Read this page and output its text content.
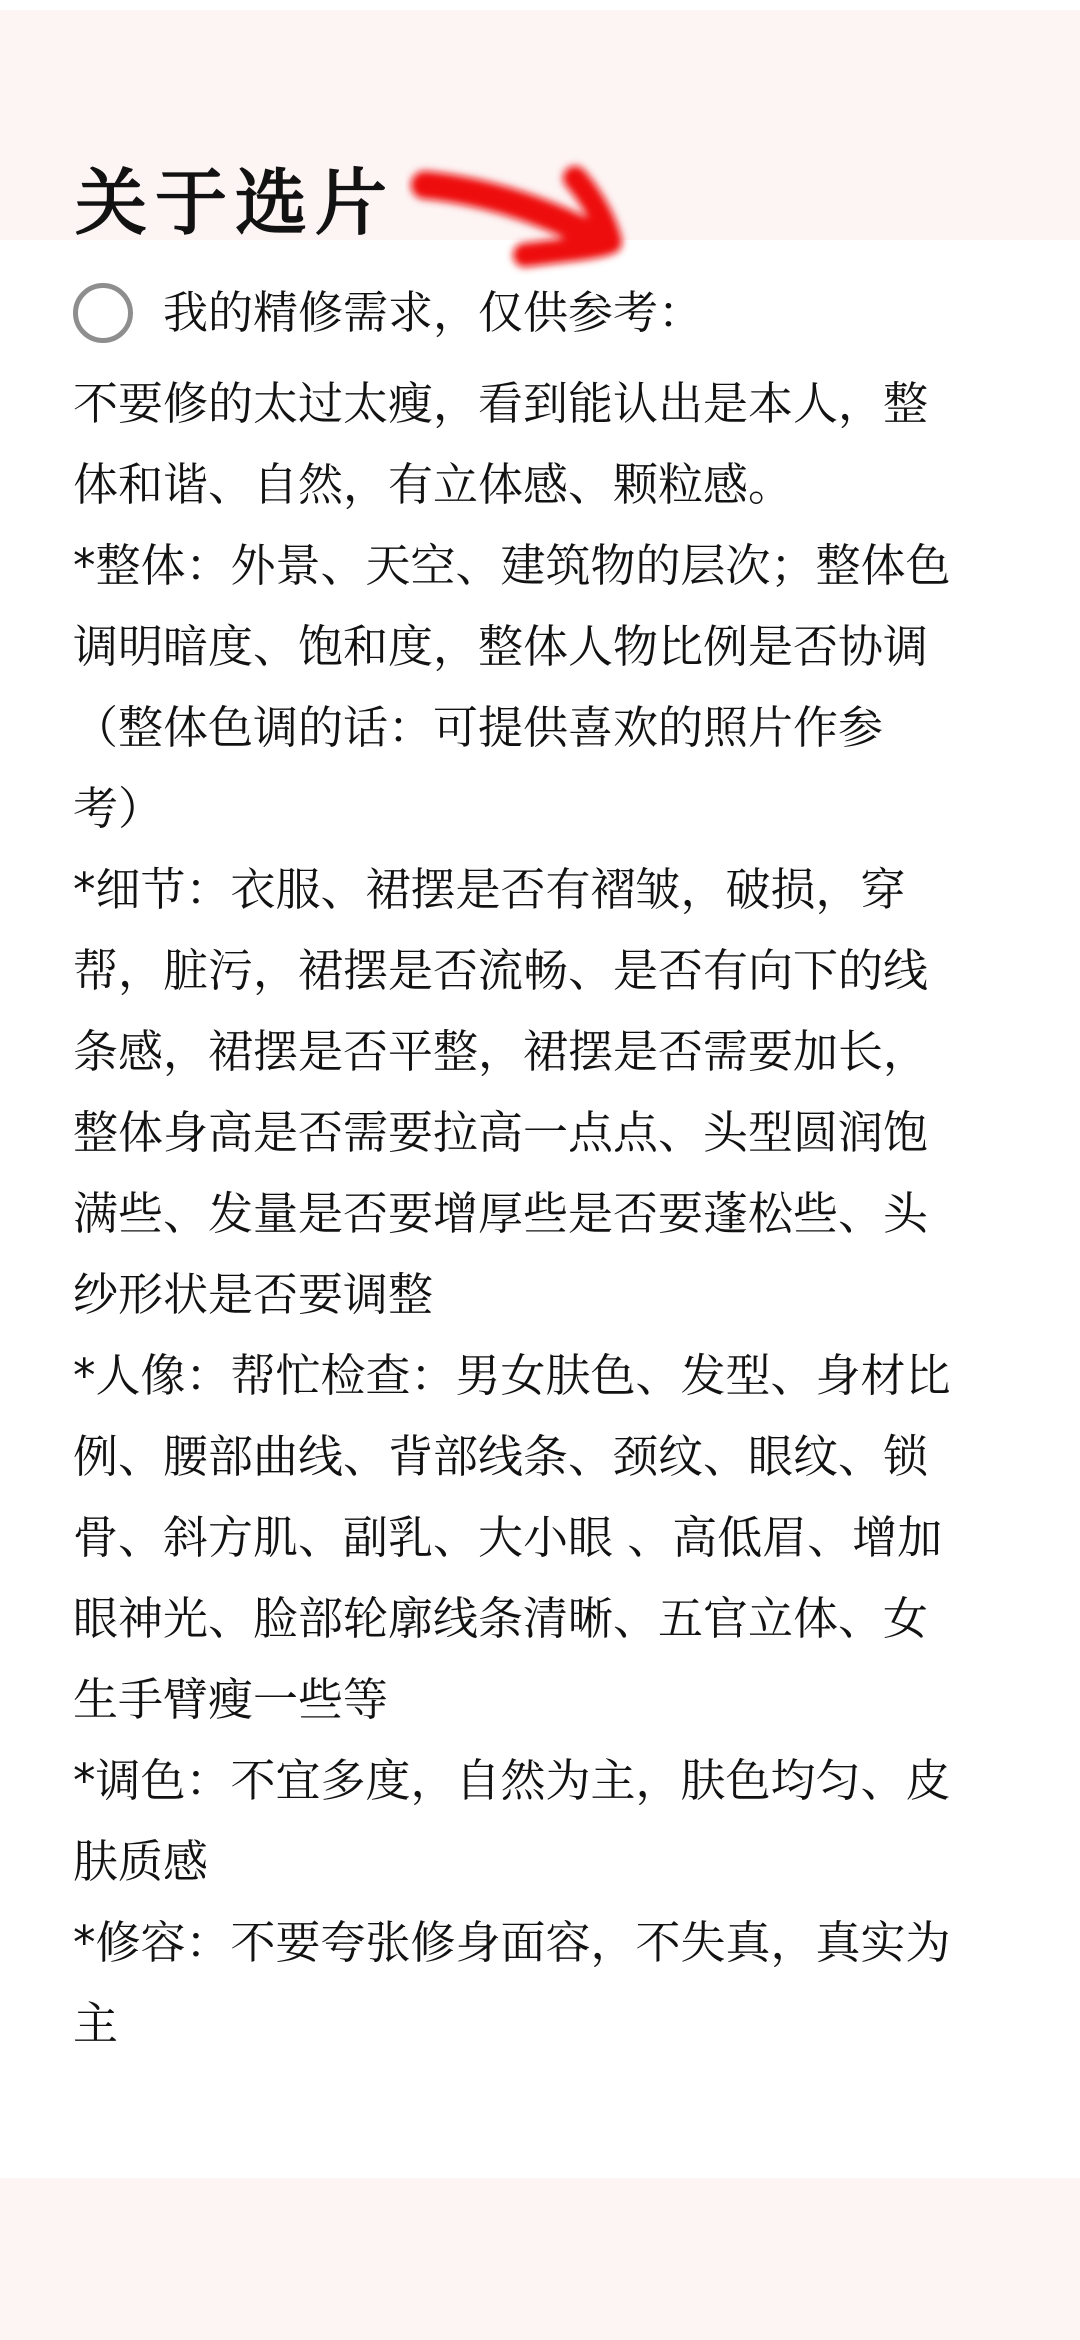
关于选片
我的精修需求，仅供参考：

不要修的太过太瘦，看到能认出是本人，整
体和谐、自然，有立体感、颗粒感。

*整体：外景、天空、建筑物的层次；整体色
调明暗度、饱和度，整体人物比例是否协调
（整体色调的话：可提供喜欢的照片作参
考）

*细节：衣服、裙摆是否有褶皱，破损，穿
帮，脏污，裙摆是否流畅、是否有向下的线
条感，裙摆是否平整，裙摆是否需要加长，
整体身高是否需要拉高一点点、头型圆润饱
满些、发量是否要增厚些是否要蓬松些、头
纱形状是否要调整

*人像：帮忙检查：男女肤色、发型、身材比
例、腰部曲线、背部线条、颈纹、眼纹、锁
骨、斜方肌、副乳、大小眼 、高低眉、增加
眼神光、脸部轮廓线条清晰、五官立体、女
生手臂瘦一些等

*调色：不宜多度，自然为主，肤色均匀、皮
肤质感

*修容：不要夸张修身面容，不失真，真实为
主
